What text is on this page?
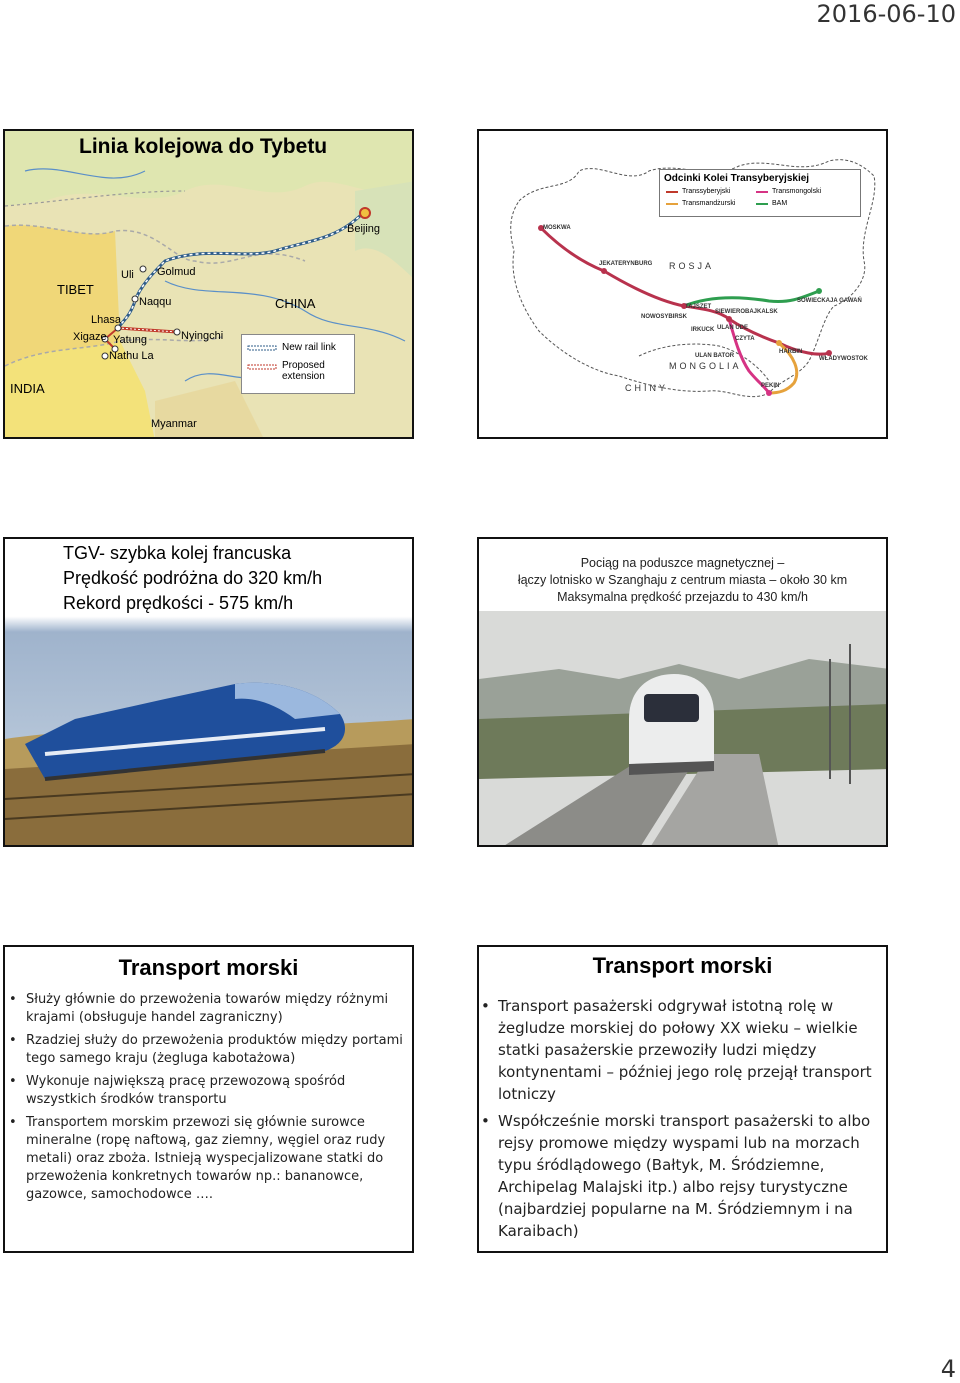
2016-06-10
Linia kolejowa do Tybetu
TIBET
INDIA
CHINA
Beijing
Uli Golmud
Naqqu
Lhasa
Xigaze Yatung
Nathu La
Nyingchi
Myanmar
New rail link
Proposed extension
Odcinki Kolei Transyberyjskiej
Transsyberyjski	Transmongolski
Transmandżurski	BAM
ROSJA
MONGOLIA
CHINY
MOSKWA
JEKATERYNBURG
NOWOSYBIRSK
TAJSZET
SIEWIEROBAJKALSK
SOWIECKAJA GAWAŃ
IRKUCK ULAN UDE
CZYTA
ULAN BATOR
HARBIN
WŁADYWOSTOK
PEKIN
TGV- szybka kolej francuska
Prędkość podróżna do 320 km/h
Rekord prędkości - 575 km/h
Pociąg na poduszce magnetycznej –
łączy lotnisko w Szanghaju z centrum miasta – około 30 km
Maksymalna prędkość przejazdu to 430 km/h
Transport morski
• Służy głównie do przewożenia towarów między różnymi krajami (obsługuje handel zagraniczny)
• Rzadziej służy do przewożenia produktów między portami tego samego kraju (żegluga kabotażowa)
• Wykonuje największą pracę przewozową spośród wszystkich środków transportu
• Transportem morskim przewozi się głównie surowce mineralne (ropę naftową, gaz ziemny, węgiel oraz rudy metali) oraz zboża. Istnieją wyspecjalizowane statki do przewożenia konkretnych towarów np.: bananowce, gazowce, samochodowce ….
Transport morski
• Transport pasażerski odgrywał istotną rolę w żegludze morskiej do połowy XX wieku – wielkie statki pasażerskie przewoziły ludzi między kontynentami – później jego rolę przejął transport lotniczy
• Współcześnie morski transport pasażerski to albo rejsy promowe między wyspami lub na morzach typu śródlądowego (Bałtyk, M. Śródziemne, Archipelag Malajski itp.) albo rejsy turystyczne (najbardziej popularne na M. Śródziemnym i na Karaibach)
4
